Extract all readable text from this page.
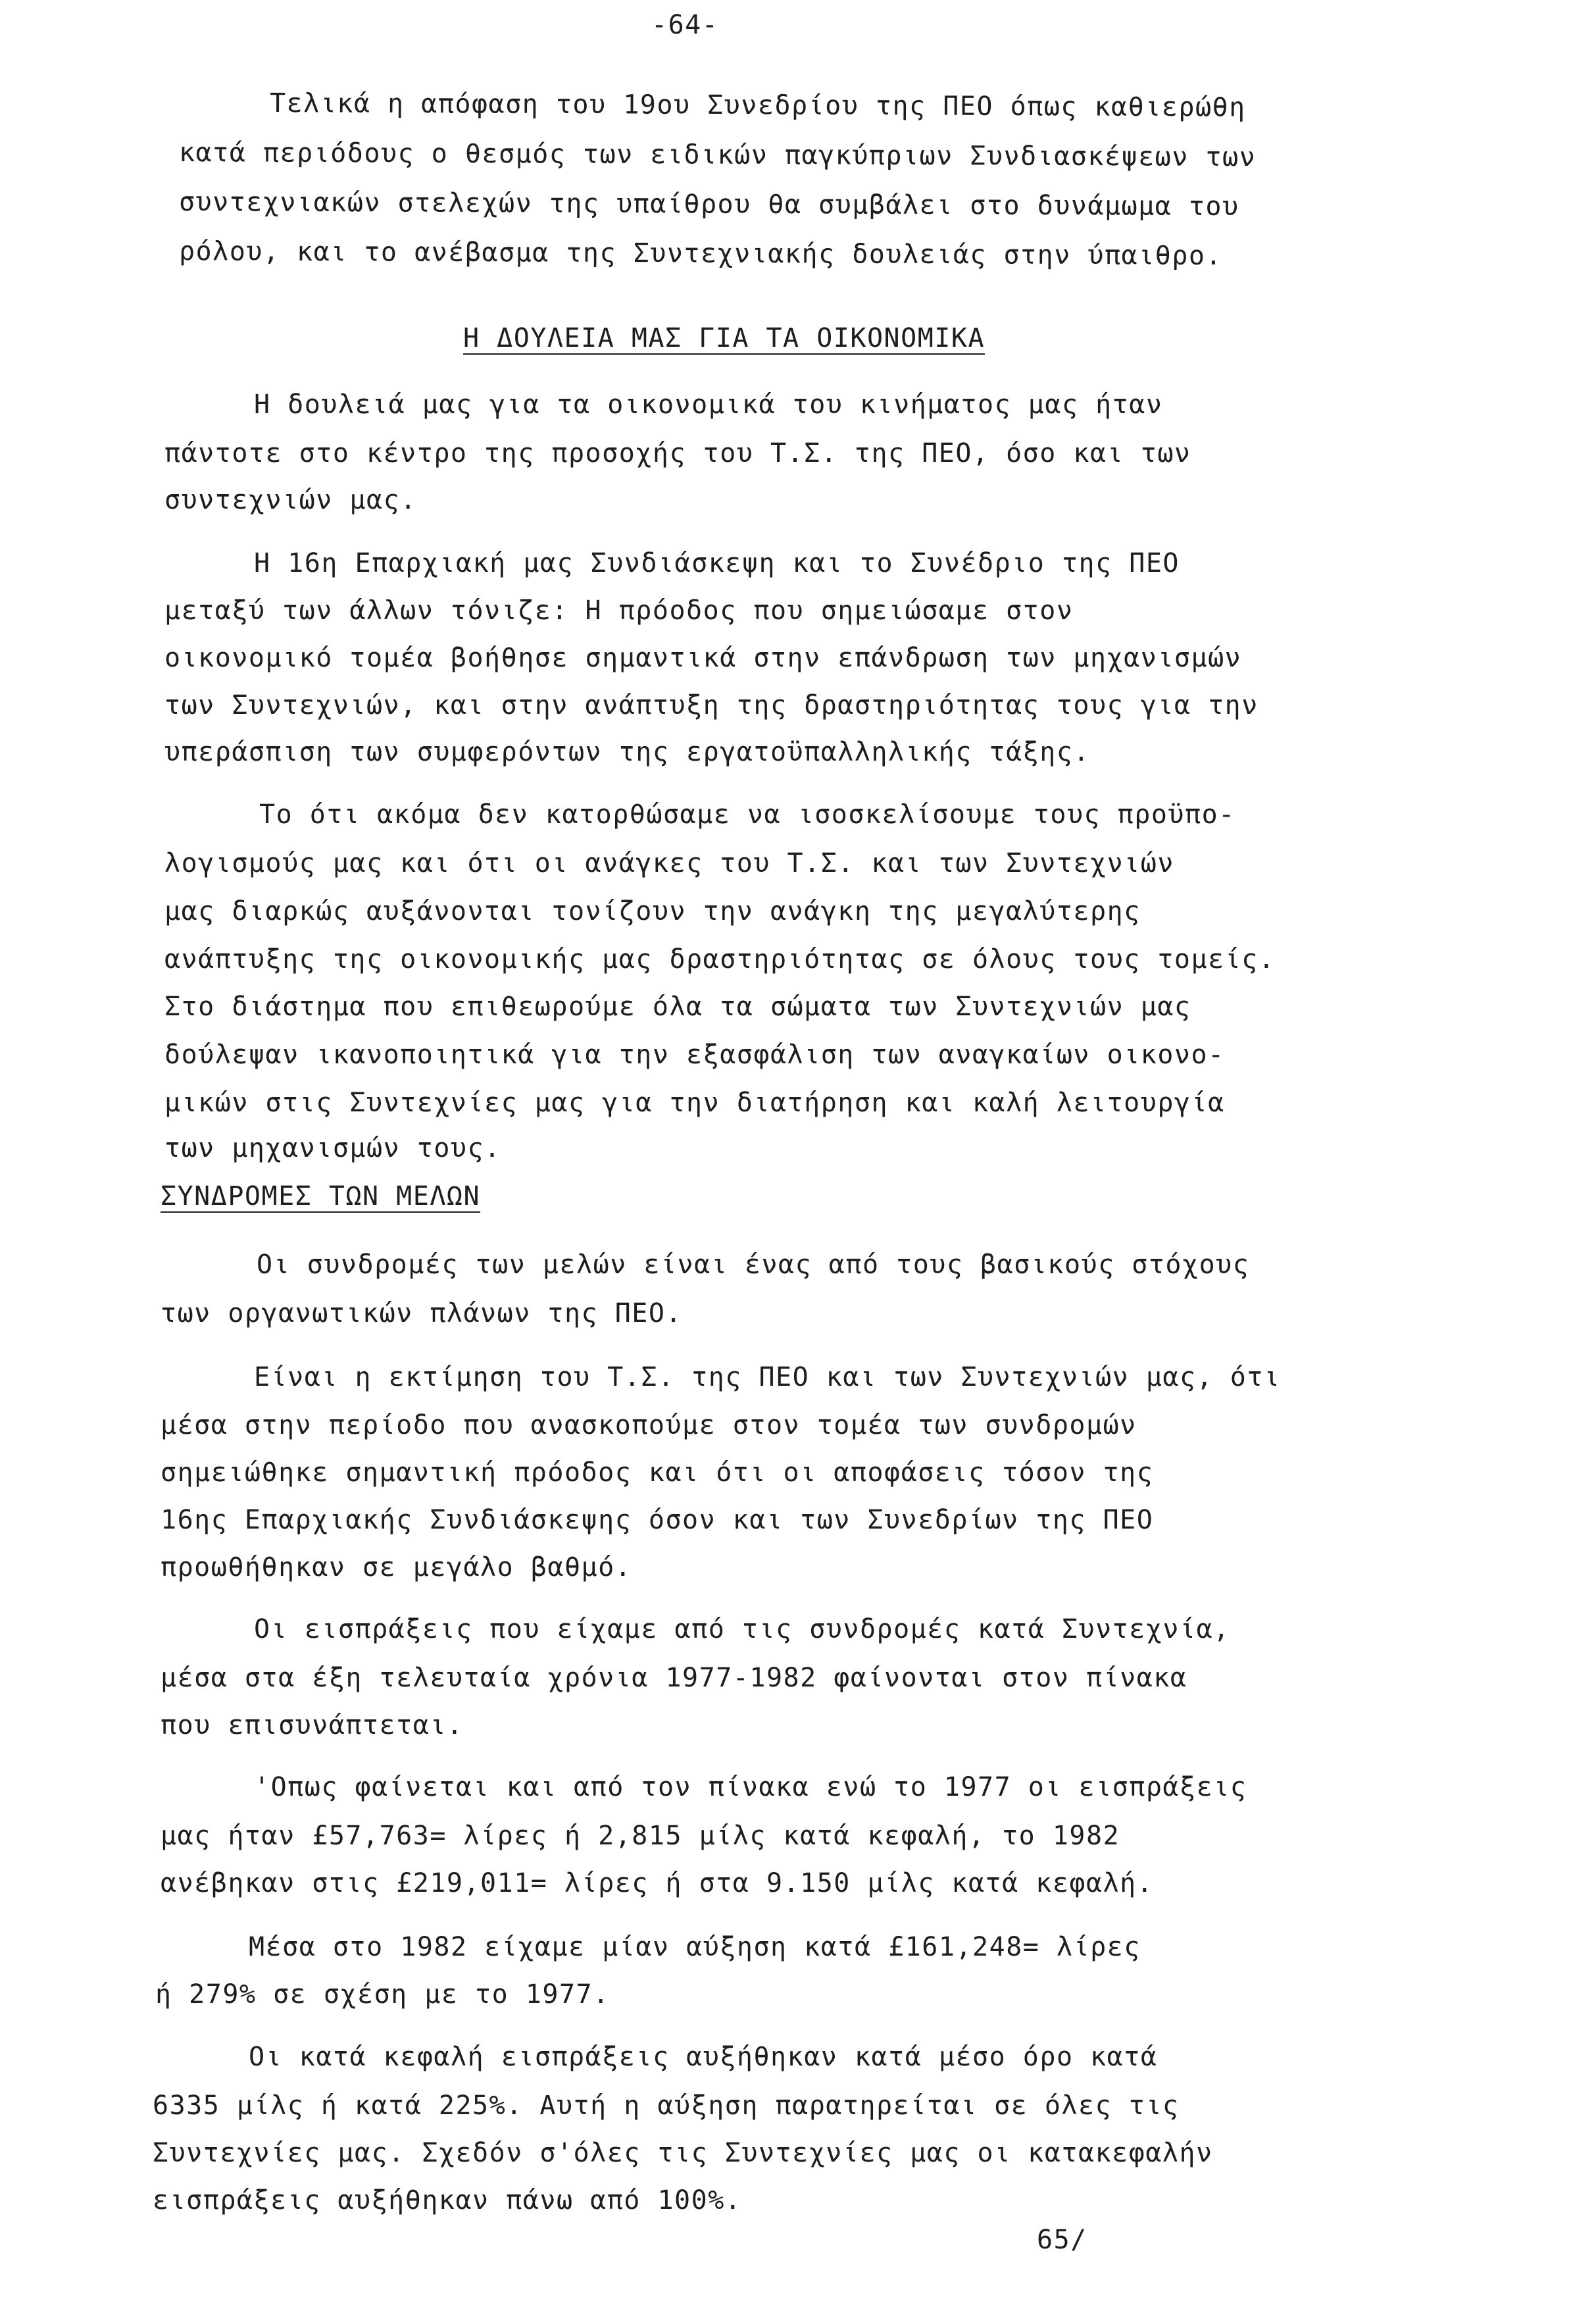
-64-
Τελικά η απόφαση του 19ου Συνεδρίου της ΠΕΟ όπως καθιερώθη
κατά περιόδους ο θεσμός των ειδικών παγκύπριων Συνδιασκέψεων των
συντεχνιακών στελεχών της υπαίθρου θα συμβάλει στο δυνάμωμα του
ρόλου, και το ανέβασμα της Συντεχνιακής δουλειάς στην ύπαιθρο.
Η ΔΟΥΛΕΙΑ ΜΑΣ ΓΙΑ ΤΑ ΟΙΚΟΝΟΜΙΚΑ
Η δουλειά μας για τα οικονομικά του κινήματος μας ήταν
πάντοτε στο κέντρο της προσοχής του Τ.Σ. της ΠΕΟ, όσο και των
συντεχνιών μας.
Η 16η Επαρχιακή μας Συνδιάσκεψη και το Συνέδριο της ΠΕΟ
μεταξύ των άλλων τόνιζε: Η πρόοδος που σημειώσαμε στον
οικονομικό τομέα βοήθησε σημαντικά στην επάνδρωση των μηχανισμών
των Συντεχνιών, και στην ανάπτυξη της δραστηριότητας τους για την
υπεράσπιση των συμφερόντων της εργατοϋπαλληλικής τάξης.
Το ότι ακόμα δεν κατορθώσαμε να ισοσκελίσουμε τους προϋπο-
λογισμούς μας και ότι οι ανάγκες του Τ.Σ. και των Συντεχνιών
μας διαρκώς αυξάνονται τονίζουν την ανάγκη της μεγαλύτερης
ανάπτυξης της οικονομικής μας δραστηριότητας σε όλους τους τομείς.
Στο διάστημα που επιθεωρούμε όλα τα σώματα των Συντεχνιών μας
δούλεψαν ικανοποιητικά για την εξασφάλιση των αναγκαίων οικονο-
μικών στις Συντεχνίες μας για την διατήρηση και καλή λειτουργία
των μηχανισμών τους.
ΣΥΝΔΡΟΜΕΣ ΤΩΝ ΜΕΛΩΝ
Οι συνδρομές των μελών είναι ένας από τους βασικούς στόχους
των οργανωτικών πλάνων της ΠΕΟ.
Είναι η εκτίμηση του Τ.Σ. της ΠΕΟ και των Συντεχνιών μας, ότι
μέσα στην περίοδο που ανασκοπούμε στον τομέα των συνδρομών
σημειώθηκε σημαντική πρόοδος και ότι οι αποφάσεις τόσον της
16ης Επαρχιακής Συνδιάσκεψης όσον και των Συνεδρίων της ΠΕΟ
προωθήθηκαν σε μεγάλο βαθμό.
Οι εισπράξεις που είχαμε από τις συνδρομές κατά Συντεχνία,
μέσα στα έξη τελευταία χρόνια 1977-1982 φαίνονται στον πίνακα
που επισυνάπτεται.
'Οπως φαίνεται και από τον πίνακα ενώ το 1977 οι εισπράξεις
μας ήταν £57,763= λίρες ή 2,815 μίλς κατά κεφαλή, το 1982
ανέβηκαν στις £219,011= λίρες ή στα 9.150 μίλς κατά κεφαλή.
Μέσα στο 1982 είχαμε μίαν αύξηση κατά £161,248= λίρες
ή 279% σε σχέση με το 1977.
Οι κατά κεφαλή εισπράξεις αυξήθηκαν κατά μέσο όρο κατά
6335 μίλς ή κατά 225%. Αυτή η αύξηση παρατηρείται σε όλες τις
Συντεχνίες μας. Σχεδόν σ'όλες τις Συντεχνίες μας οι κατακεφαλήν
εισπράξεις αυξήθηκαν πάνω από 100%.
65/
